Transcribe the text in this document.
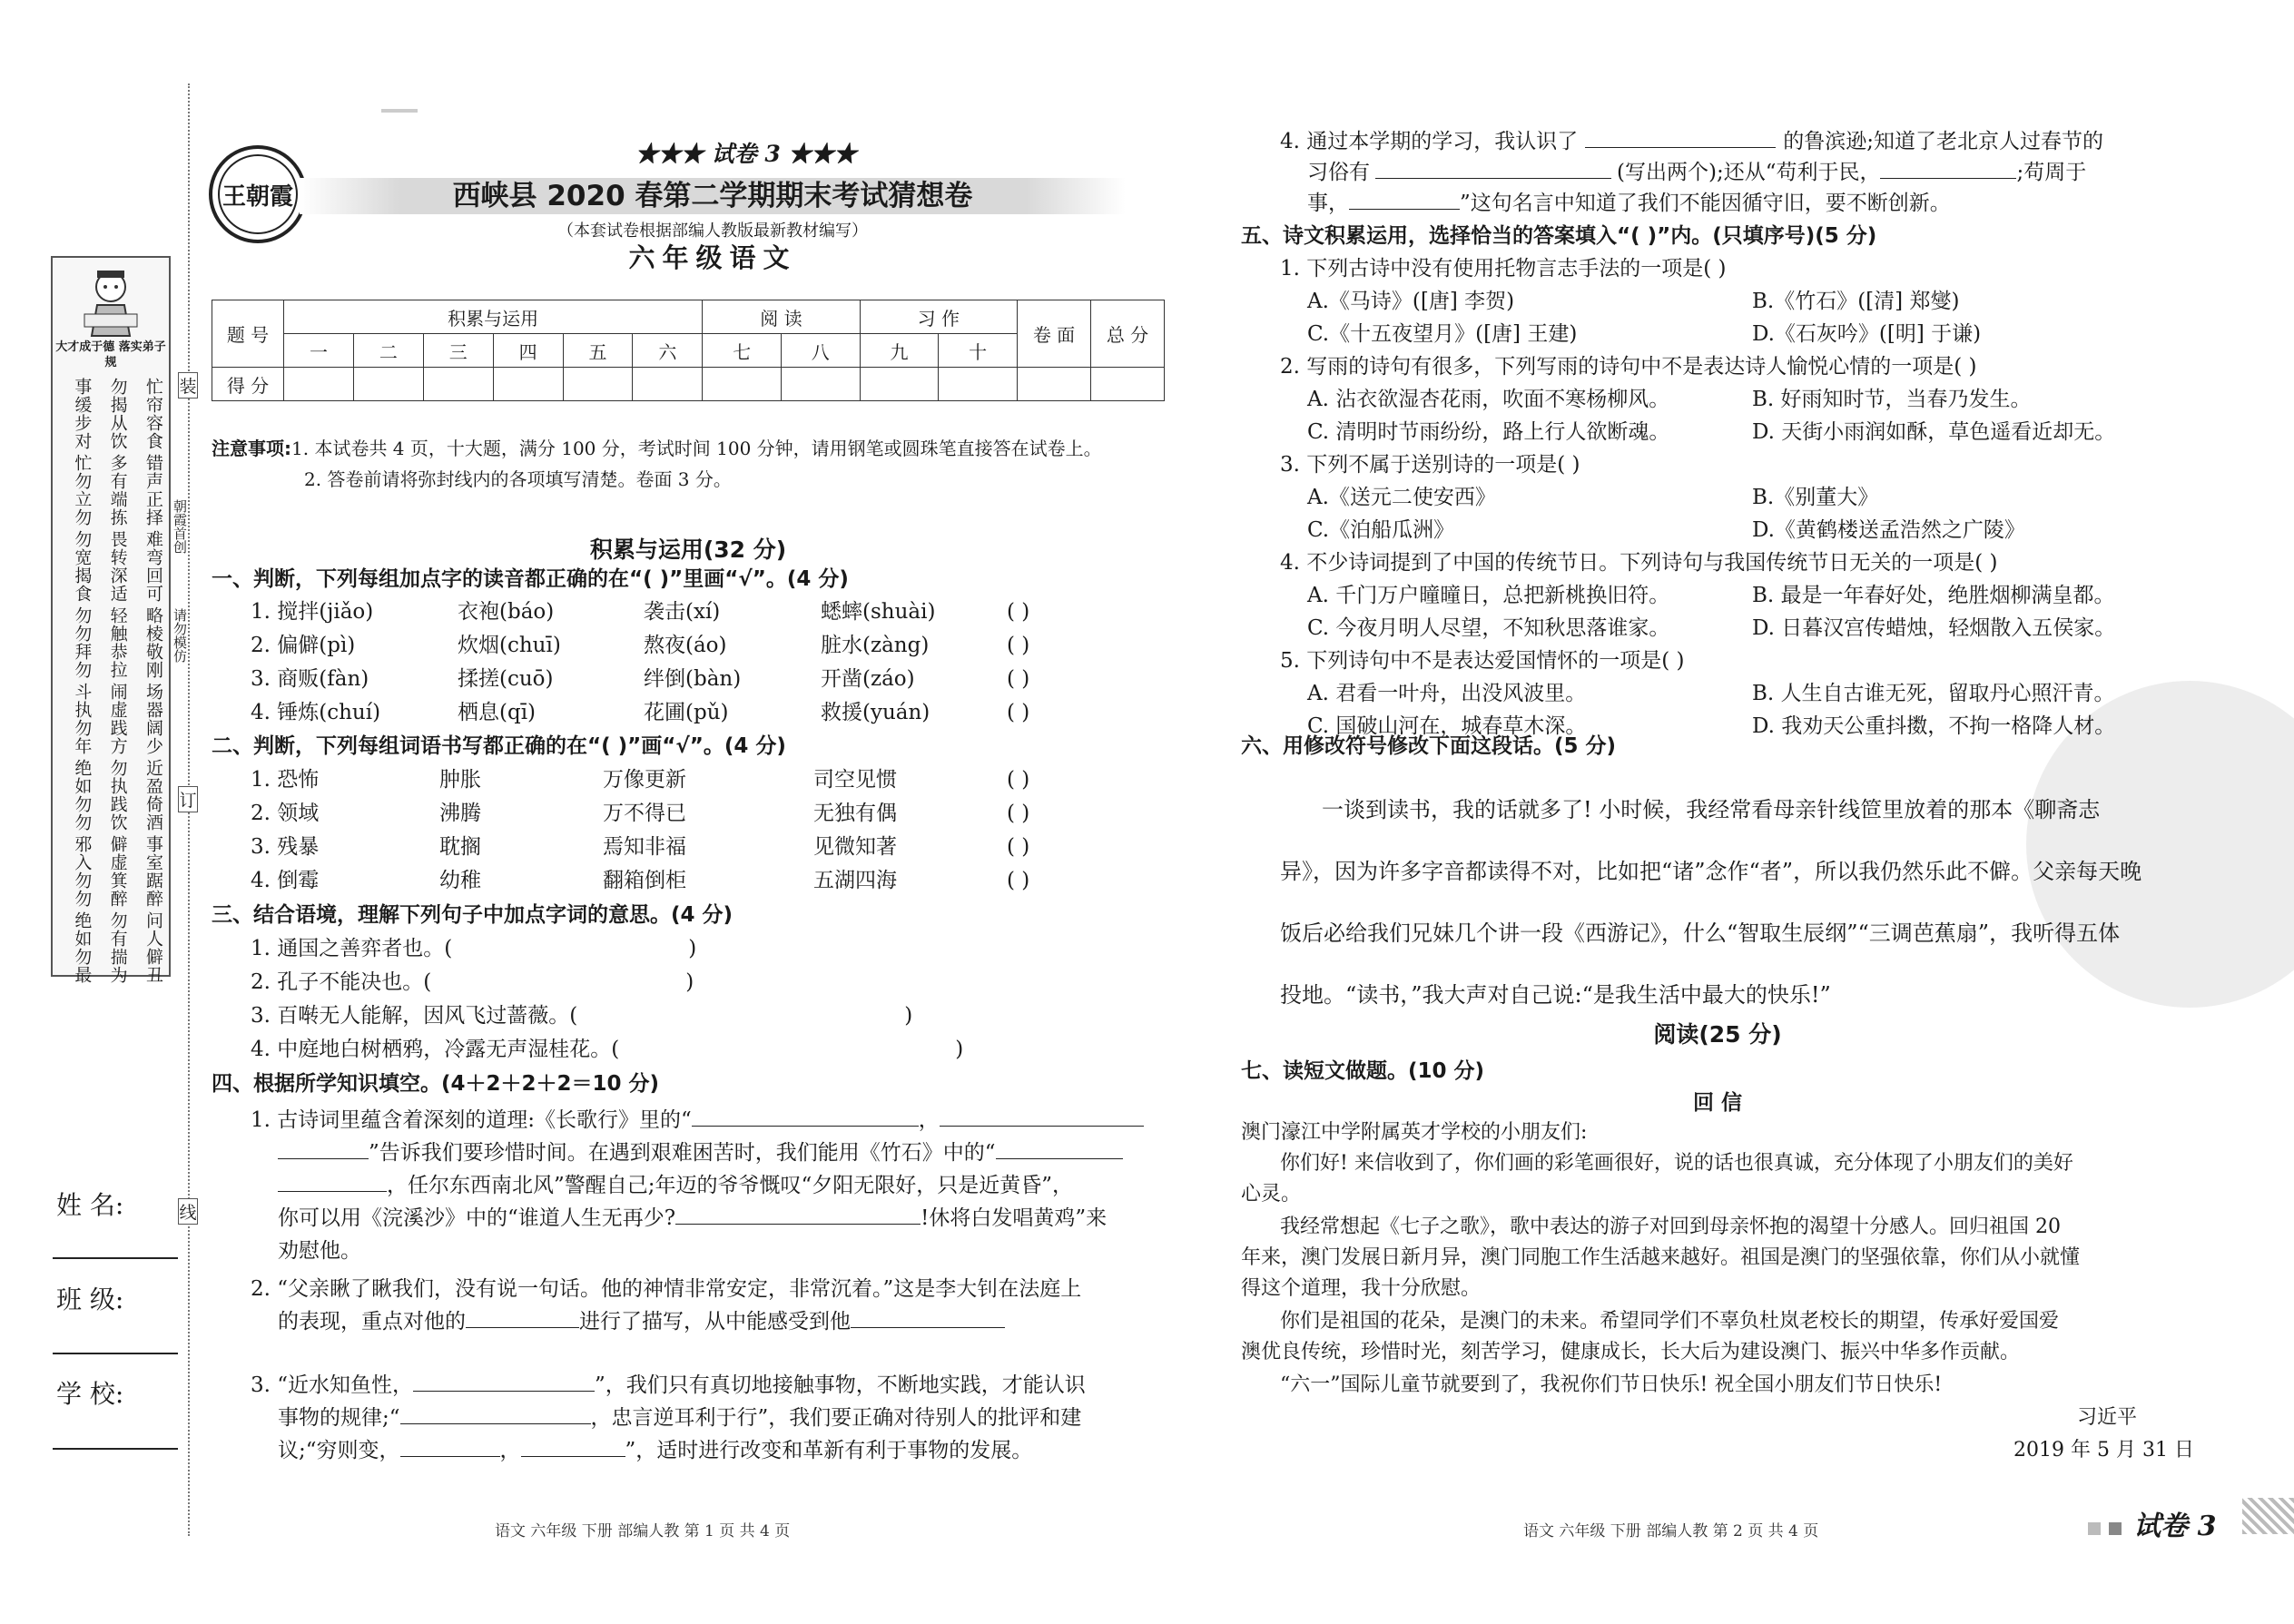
装
订
线
朝霞首创
请勿模仿
大才成于德 落实弟子规
事缓步对 勿揭从饮 忙帘容食
忙勿立勿 多有端拣 错声正择
勿宽揭食 畏转深适 难弯回可
勿勿拜勿 轻触恭拉 略棱敬刚
斗执勿年 闹虚践方 场器阔少
绝如勿勿 勿执践饮 近盈倚酒
邪入勿勿 僻虚箕醉 事室踞醉
绝如勿最 勿有揣为 问人僻丑
姓 名:
班 级:
学 校:
王朝霞
★★★ 试卷 3 ★★★
西峡县 2020 春第二学期期末考试猜想卷
（本套试卷根据部编人教版最新教材编写）
六年级语文
题 号	积累与运用						阅 读		习 作		卷 面	总 分
	一	二	三	四	五	六	七	八	九	十		
得 分												
注意事项:1. 本试卷共 4 页，十大题，满分 100 分，考试时间 100 分钟，请用钢笔或圆珠笔直接答在试卷上。
2. 答卷前请将弥封线内的各项填写清楚。卷面 3 分。
积累与运用(32 分)
一、判断，下列每组加点字的读音都正确的在“( )”里画“√”。(4 分)
1. 搅拌(jiǎo)	衣袍(báo)	袭击(xí)	蟋蟀(shuài)	( )
2. 偏僻(pì)	炊烟(chuī)	熬夜(áo)	脏水(zàng)	( )
3. 商贩(fàn)	揉搓(cuō)	绊倒(bàn)	开凿(záo)	( )
4. 锤炼(chuí)	栖息(qī)	花圃(pǔ)	救援(yuán)	( )
二、判断，下列每组词语书写都正确的在“( )”画“√”。(4 分)
1. 恐怖	肿胀	万像更新	司空见惯	( )
2. 领域	沸腾	万不得已	无独有偶	( )
3. 残暴	耽搁	焉知非福	见微知著	( )
4. 倒霉	幼稚	翻箱倒柜	五湖四海	( )
三、结合语境，理解下列句子中加点字词的意思。(4 分)
1. 通国之善弈者也。(	)
2. 孔子不能决也。(	)
3. 百啭无人能解，因风飞过蔷薇。(	)
4. 中庭地白树栖鸦，冷露无声湿桂花。(	)
四、根据所学知识填空。(4＋2＋2＋2＝10 分)
1. 古诗词里蕴含着深刻的道理:《长歌行》里的“	，
”告诉我们要珍惜时间。在遇到艰难困苦时，我们能用《竹石》中的“
，任尔东西南北风”警醒自己;年迈的爷爷慨叹“夕阳无限好，只是近黄昏”，
你可以用《浣溪沙》中的“谁道人生无再少?	!休将白发唱黄鸡”来
劝慰他。
2. “父亲瞅了瞅我们，没有说一句话。他的神情非常安定，非常沉着。”这是李大钊在法庭上
的表现，重点对他的	进行了描写，从中能感受到他
3. “近水知鱼性，	”，我们只有真切地接触事物，不断地实践，才能认识
事物的规律;“	，忠言逆耳利于行”，我们要正确对待别人的批评和建
议;“穷则变，	，	”，适时进行改变和革新有利于事物的发展。
语文 六年级 下册 部编人教 第 1 页 共 4 页
4. 通过本学期的学习，我认识了	的鲁滨逊;知道了老北京人过春节的
习俗有	(写出两个);还从“苟利于民，	;苟周于
事，	”这句名言中知道了我们不能因循守旧，要不断创新。
五、诗文积累运用，选择恰当的答案填入“( )”内。(只填序号)(5 分)
1. 下列古诗中没有使用托物言志手法的一项是( )
A.《马诗》([唐] 李贺)	B.《竹石》([清] 郑燮)
C.《十五夜望月》([唐] 王建)	D.《石灰吟》([明] 于谦)
2. 写雨的诗句有很多，下列写雨的诗句中不是表达诗人愉悦心情的一项是( )
A. 沾衣欲湿杏花雨，吹面不寒杨柳风。	B. 好雨知时节，当春乃发生。
C. 清明时节雨纷纷，路上行人欲断魂。	D. 天街小雨润如酥，草色遥看近却无。
3. 下列不属于送别诗的一项是( )
A.《送元二使安西》	B.《别董大》
C.《泊船瓜洲》	D.《黄鹤楼送孟浩然之广陵》
4. 不少诗词提到了中国的传统节日。下列诗句与我国传统节日无关的一项是( )
A. 千门万户曈曈日，总把新桃换旧符。	B. 最是一年春好处，绝胜烟柳满皇都。
C. 今夜月明人尽望，不知秋思落谁家。	D. 日暮汉宫传蜡烛，轻烟散入五侯家。
5. 下列诗句中不是表达爱国情怀的一项是( )
A. 君看一叶舟，出没风波里。	B. 人生自古谁无死，留取丹心照汗青。
C. 国破山河在，城春草木深。	D. 我劝天公重抖擞，不拘一格降人材。
六、用修改符号修改下面这段话。(5 分)
一谈到读书，我的话就多了! 小时候，我经常看母亲针线笸里放着的那本《聊斋志
异》，因为许多字音都读得不对，比如把“诸”念作“者”，所以我仍然乐此不僻。父亲每天晚
饭后必给我们兄妹几个讲一段《西游记》，什么“智取生辰纲”“三调芭蕉扇”，我听得五体
投地。“读书，”我大声对自己说:“是我生活中最大的快乐!”
阅读(25 分)
七、读短文做题。(10 分)
回 信
澳门濠江中学附属英才学校的小朋友们:
你们好! 来信收到了，你们画的彩笔画很好，说的话也很真诚，充分体现了小朋友们的美好
心灵。
我经常想起《七子之歌》，歌中表达的游子对回到母亲怀抱的渴望十分感人。回归祖国 20
年来，澳门发展日新月异，澳门同胞工作生活越来越好。祖国是澳门的坚强依靠，你们从小就懂
得这个道理，我十分欣慰。
你们是祖国的花朵，是澳门的未来。希望同学们不辜负杜岚老校长的期望，传承好爱国爱
澳优良传统，珍惜时光，刻苦学习，健康成长，长大后为建设澳门、振兴中华多作贡献。
“六一”国际儿童节就要到了，我祝你们节日快乐! 祝全国小朋友们节日快乐!
习近平
2019 年 5 月 31 日
语文 六年级 下册 部编人教 第 2 页 共 4 页	试卷 3
